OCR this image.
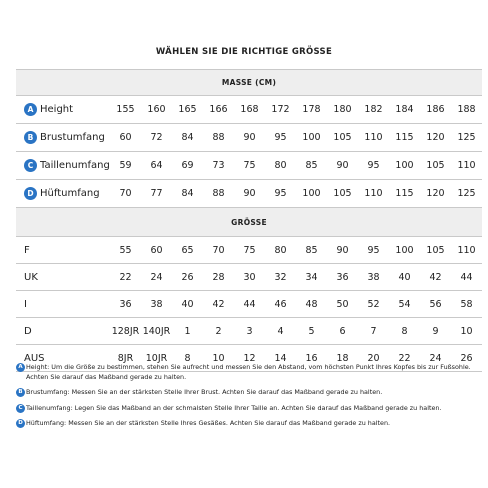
WÄHLEN SIE DIE RICHTIGE GRÖSSE
MASSE (CM)												
A Height	155	160	165	166	168	172	178	180	182	184	186	188
B Brustumfang	60	72	84	88	90	95	100	105	110	115	120	125
C Taillenumfang	59	64	69	73	75	80	85	90	95	100	105	110
D Hüftumfang	70	77	84	88	90	95	100	105	110	115	120	125
GRÖSSE												
F	55	60	65	70	75	80	85	90	95	100	105	110
UK	22	24	26	28	30	32	34	36	38	40	42	44
I	36	38	40	42	44	46	48	50	52	54	56	58
D	128JR	140JR	1	2	3	4	5	6	7	8	9	10
AUS	8JR	10JR	8	10	12	14	16	18	20	22	24	26
A Height: Um die Größe zu bestimmen, stehen Sie aufrecht und messen Sie den Abstand, vom höchsten Punkt Ihres Kopfes bis zur Fußsohle. Achten Sie darauf das Maßband gerade zu halten.
B Brustumfang: Messen Sie an der stärksten Stelle Ihrer Brust. Achten Sie darauf das Maßband gerade zu halten.
C Taillenumfang: Legen Sie das Maßband an der schmalsten Stelle Ihrer Taille an. Achten Sie darauf das Maßband gerade zu halten.
D Hüftumfang: Messen Sie an der stärksten Stelle Ihres Gesäßes. Achten Sie darauf das Maßband gerade zu halten.
